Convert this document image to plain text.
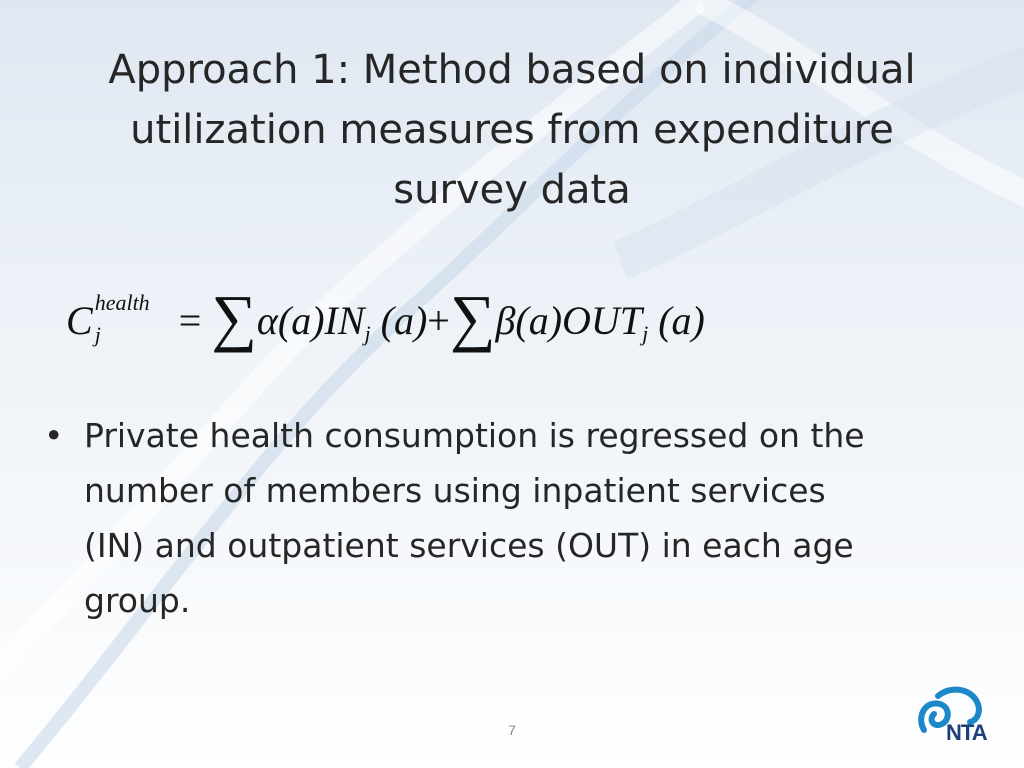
Approach 1: Method based on individual
utilization measures from expenditure
survey data
C health
j = ∑α(a)INj (a)+∑β(a)OUTj (a)
• Private health consumption is regressed on the
number of members using inpatient services
(IN) and outpatient services (OUT) in each age
group.
7	NTA
